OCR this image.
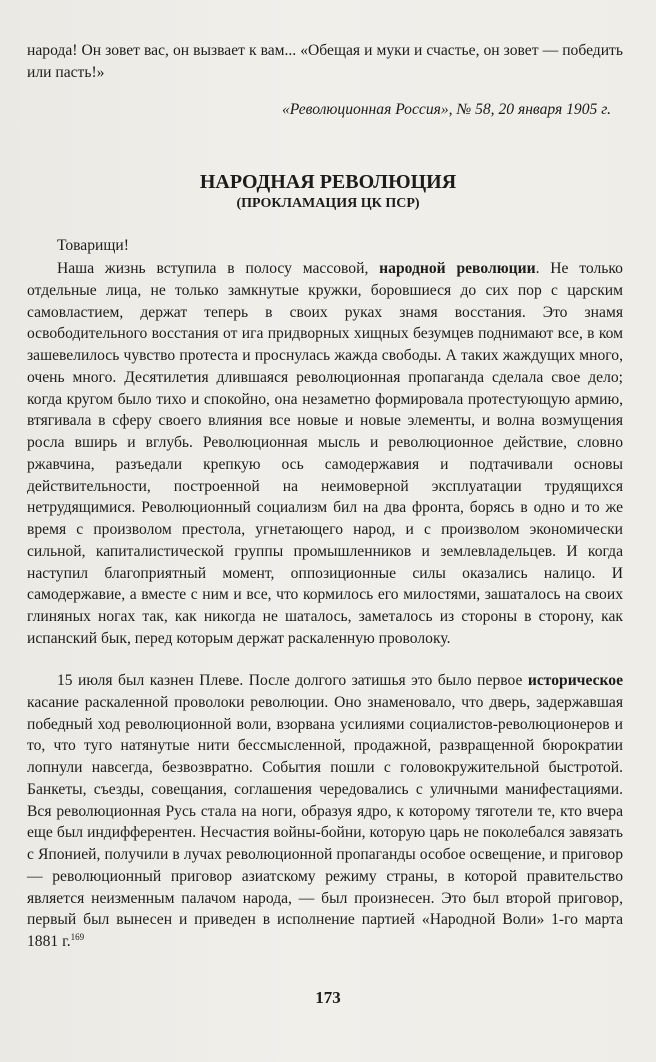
народа! Он зовет вас, он вызвает к вам... «Обещая и муки и счастье, он зовет — победить или пасть!»

«Революционная Россия», № 58, 20 января 1905 г.

НАРОДНАЯ РЕВОЛЮЦИЯ
(ПРОКЛАМАЦИЯ ЦК ПСР)

Товарищи!

Наша жизнь вступила в полосу массовой, народной революции. Не только отдельные лица, не только замкнутые кружки, боровшиеся до сих пор с царским самовластием, держат теперь в своих руках знамя восстания. Это знамя освободительного восстания от ига придворных хищных безумцев поднимают все, в ком зашевелилось чувство протеста и проснулась жажда свободы. А таких жаждущих много, очень много. Десятилетия длившаяся революционная пропаганда сделала свое дело; когда кругом было тихо и спокойно, она незаметно формировала протестующую армию, втягивала в сферу своего влияния все новые и новые элементы, и волна возмущения росла вширь и вглубь. Революционная мысль и революционное действие, словно ржавчина, разъедали крепкую ось самодержавия и подтачивали основы действительности, построенной на неимоверной эксплуатации трудящихся нетрудящимися. Революционный социализм бил на два фронта, борясь в одно и то же время с произволом престола, угнетающего народ, и с произволом экономически сильной, капиталистической группы промышленников и землевладельцев. И когда наступил благоприятный момент, оппозиционные силы оказались налицо. И самодержавие, а вместе с ним и все, что кормилось его милостями, зашаталось на своих глиняных ногах так, как никогда не шаталось, заметалось из стороны в сторону, как испанский бык, перед которым держат раскаленную проволоку.

15 июля был казнен Плеве. После долгого затишья это было первое историческое касание раскаленной проволоки революции. Оно знаменовало, что дверь, задержавшая победный ход революционной воли, взорвана усилиями социалистов-революционеров и то, что туго натянутые нити бессмысленной, продажной, развращенной бюрократии лопнули навсегда, безвозвратно. События пошли с головокружительной быстротой. Банкеты, съезды, совещания, соглашения чередовались с уличными манифестациями. Вся революционная Русь стала на ноги, образуя ядро, к которому тяготели те, кто вчера еще был индифферентен. Несчастия войны-бойни, которую царь не поколебался завязать с Японией, получили в лучах революционной пропаганды особое освещение, и приговор — революционный приговор азиатскому режиму страны, в которой правительство является неизменным палачом народа, — был произнесен. Это был второй приговор, первый был вынесен и приведен в исполнение партией «Народной Воли» 1-го марта 1881 г.$^{169}$

173
